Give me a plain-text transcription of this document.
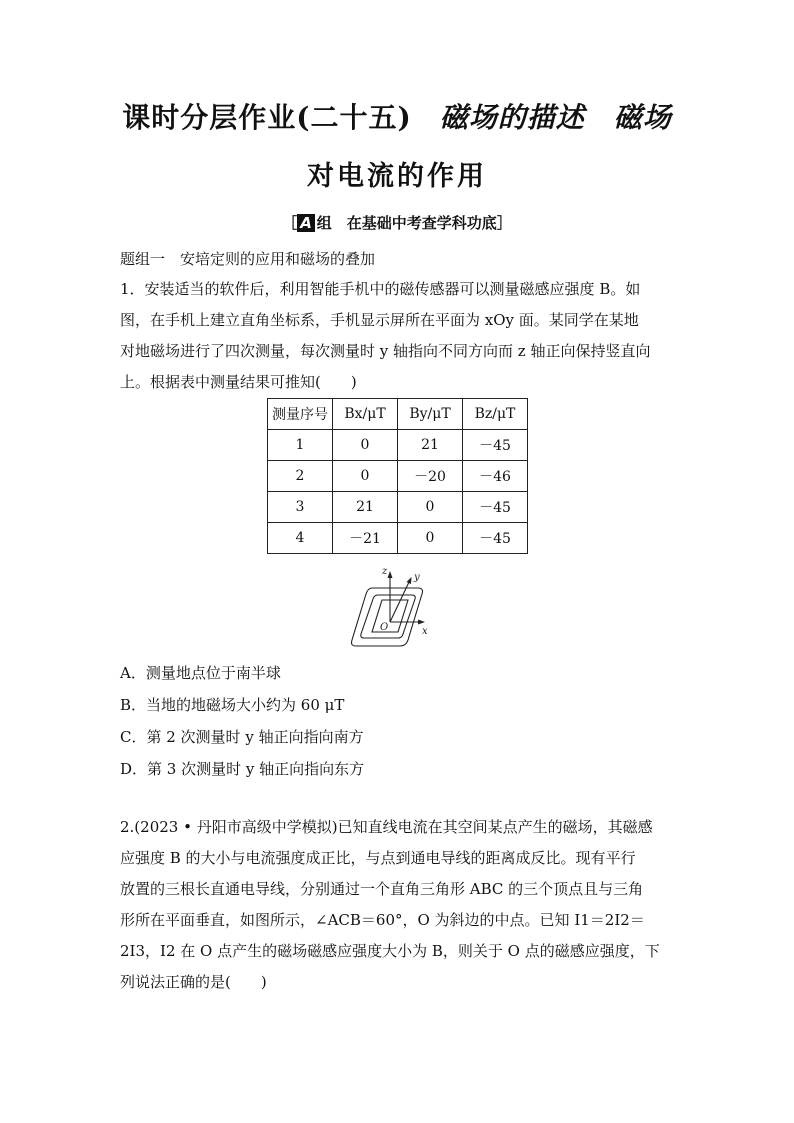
课时分层作业(二十五) 磁场的描述　磁场
对电流的作用
［ A 组　在基础中考查学科功底］
题组一　安培定则的应用和磁场的叠加
1．安装适当的软件后，利用智能手机中的磁传感器可以测量磁感应强度 B。如
图，在手机上建立直角坐标系，手机显示屏所在平面为 xOy 面。某同学在某地
对地磁场进行了四次测量，每次测量时 y 轴指向不同方向而 z 轴正向保持竖直向
上。根据表中测量结果可推知(　　)
测量序号	Bx/μT	By/μT	Bz/μT
1	0	21	－45
2	0	－20	－46
3	21	0	－45
4	－21	0	－45
z
y
x
O
A．测量地点位于南半球
B．当地的地磁场大小约为 60 μT
C．第 2 次测量时 y 轴正向指向南方
D．第 3 次测量时 y 轴正向指向东方
2.(2023 • 丹阳市高级中学模拟)已知直线电流在其空间某点产生的磁场，其磁感
应强度 B 的大小与电流强度成正比，与点到通电导线的距离成反比。现有平行
放置的三根长直通电导线，分别通过一个直角三角形 ABC 的三个顶点且与三角
形所在平面垂直，如图所示，∠ACB＝60°，O 为斜边的中点。已知 I1＝2I2＝
2I3，I2 在 O 点产生的磁场磁感应强度大小为 B，则关于 O 点的磁感应强度，下
列说法正确的是(　　)
